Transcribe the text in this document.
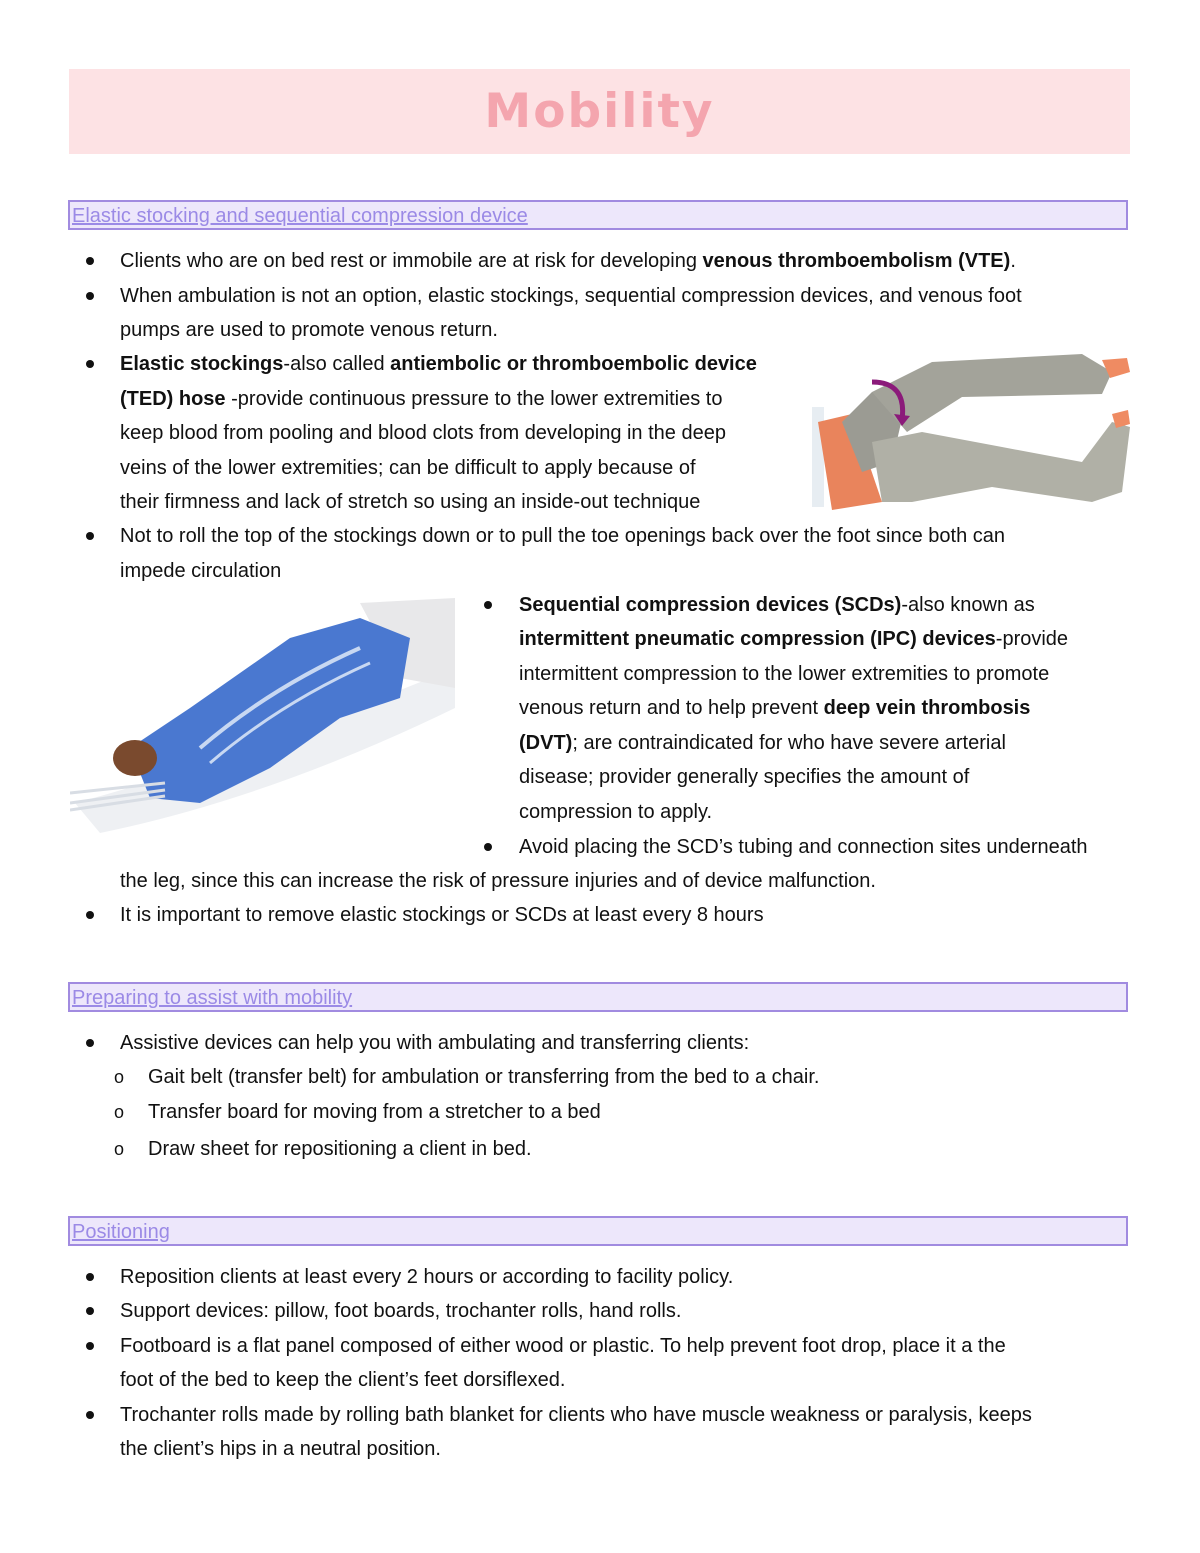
Mobility
Elastic stocking and sequential compression device
Clients who are on bed rest or immobile are at risk for developing venous thromboembolism (VTE).
When ambulation is not an option, elastic stockings, sequential compression devices, and venous foot
pumps are used to promote venous return.
Elastic stockings-also called antiembolic or thromboembolic device
(TED) hose -provide continuous pressure to the lower extremities to
keep blood from pooling and blood clots from developing in the deep
veins of the lower extremities; can be difficult to apply because of
their firmness and lack of stretch so using an inside-out technique
Not to roll the top of the stockings down or to pull the toe openings back over the foot since both can
impede circulation
Sequential compression devices (SCDs)-also known as
intermittent pneumatic compression (IPC) devices-provide
intermittent compression to the lower extremities to promote
venous return and to help prevent deep vein thrombosis
(DVT); are contraindicated for who have severe arterial
disease; provider generally specifies the amount of
compression to apply.
Avoid placing the SCD’s tubing and connection sites underneath
the leg, since this can increase the risk of pressure injuries and of device malfunction.
It is important to remove elastic stockings or SCDs at least every 8 hours
Preparing to assist with mobility
Assistive devices can help you with ambulating and transferring clients:
o Gait belt (transfer belt) for ambulation or transferring from the bed to a chair.
o Transfer board for moving from a stretcher to a bed
o Draw sheet for repositioning a client in bed.
Positioning
Reposition clients at least every 2 hours or according to facility policy.
Support devices: pillow, foot boards, trochanter rolls, hand rolls.
Footboard is a flat panel composed of either wood or plastic. To help prevent foot drop, place it a the
foot of the bed to keep the client’s feet dorsiflexed.
Trochanter rolls made by rolling bath blanket for clients who have muscle weakness or paralysis, keeps
the client’s hips in a neutral position.
